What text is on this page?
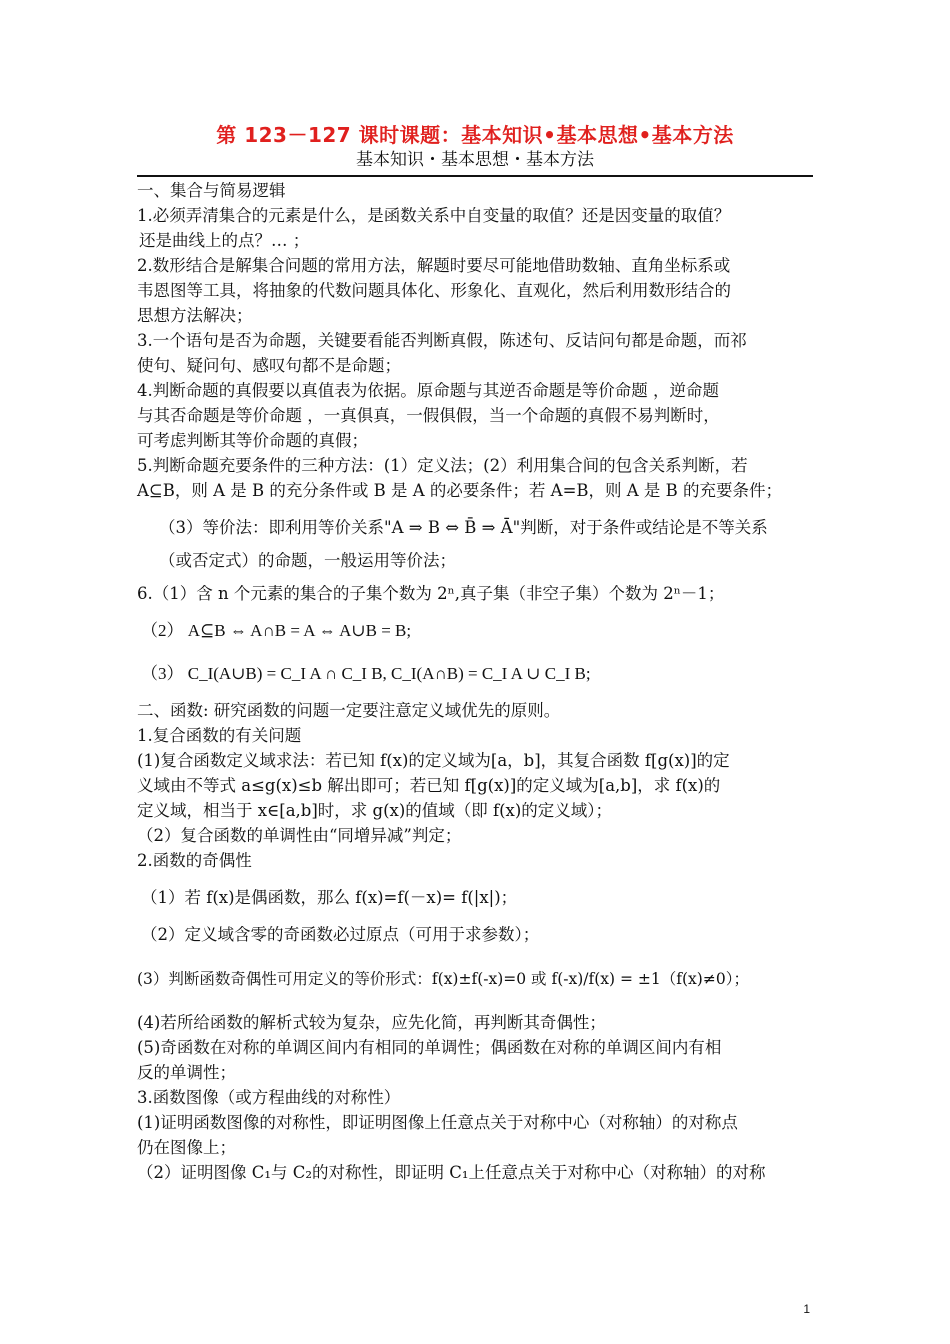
第 123－127 课时课题：基本知识•基本思想•基本方法
基本知识・基本思想・基本方法
一、集合与简易逻辑
1.必须弄清集合的元素是什么，是函数关系中自变量的取值？还是因变量的取值？
还是曲线上的点？… ；
2.数形结合是解集合问题的常用方法，解题时要尽可能地借助数轴、直角坐标系或
韦恩图等工具，将抽象的代数问题具体化、形象化、直观化，然后利用数形结合的
思想方法解决；
3.一个语句是否为命题，关键要看能否判断真假，陈述句、反诘问句都是命题，而祁
使句、疑问句、感叹句都不是命题；
4.判断命题的真假要以真值表为依据。原命题与其逆否命题是等价命题 ，逆命题
与其否命题是等价命题 ，一真俱真，一假俱假，当一个命题的真假不易判断时，
可考虑判断其等价命题的真假；
5.判断命题充要条件的三种方法：(1）定义法；(2）利用集合间的包含关系判断，若
A⊆B，则 A 是 B 的充分条件或 B 是 A 的必要条件；若 A=B，则 A 是 B 的充要条件；
（3）等价法：即利用等价关系"A ⇒ B ⇔ B̄ ⇒ Ā"判断，对于条件或结论是不等关系
（或否定式）的命题，一般运用等价法；
6.（1）含 n 个元素的集合的子集个数为 2ⁿ,真子集（非空子集）个数为 2ⁿ－1；
（2） A⊆B ⇔ A∩B = A ⇔ A∪B = B;
（3） C_I(A∪B) = C_I A ∩ C_I B, C_I(A∩B) = C_I A ∪ C_I B;
二、函数: 研究函数的问题一定要注意定义域优先的原则。
1.复合函数的有关问题
(1)复合函数定义域求法：若已知 f(x)的定义域为[a，b]，其复合函数 f[g(x)]的定
义域由不等式 a≤g(x)≤b 解出即可；若已知 f[g(x)]的定义域为[a,b]，求 f(x)的
定义域，相当于 x∈[a,b]时，求 g(x)的值域（即 f(x)的定义域）；
（2）复合函数的单调性由“同增异减”判定；
2.函数的奇偶性
（1）若 f(x)是偶函数，那么 f(x)=f(－x)= f(|x|)；
（2）定义域含零的奇函数必过原点（可用于求参数）；
(3）判断函数奇偶性可用定义的等价形式：f(x)±f(-x)=0 或 f(-x)/f(x) = ±1（f(x)≠0）；
(4)若所给函数的解析式较为复杂，应先化简，再判断其奇偶性；
(5)奇函数在对称的单调区间内有相同的单调性；偶函数在对称的单调区间内有相
反的单调性；
3.函数图像（或方程曲线的对称性）
(1)证明函数图像的对称性，即证明图像上任意点关于对称中心（对称轴）的对称点
仍在图像上；
（2）证明图像 C₁与 C₂的对称性，即证明 C₁上任意点关于对称中心（对称轴）的对称
1
